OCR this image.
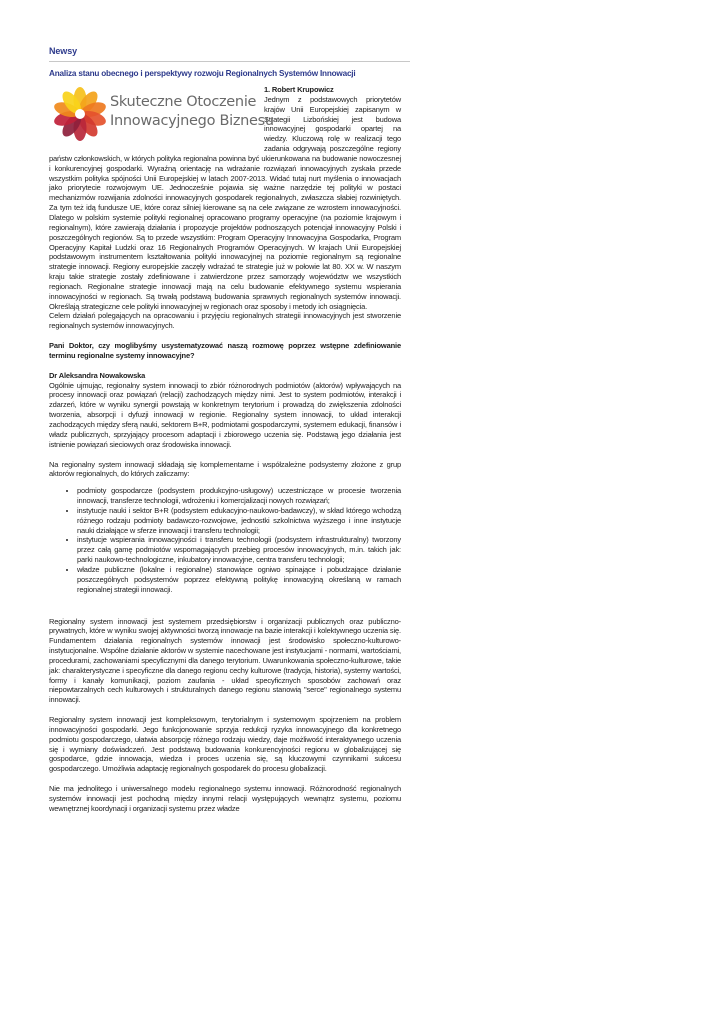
Newsy
Analiza stanu obecnego i perspektywy rozwoju Regionalnych Systemów Innowacji
Skuteczne Otoczenie
Innowacyjnego Biznesu

1. Robert Krupowicz

Jednym z podstawowych priorytetów krajów Unii Europejskiej zapisanym w Strategii Lizbońskiej jest budowa innowacyjnej gospodarki opartej na wiedzy. Kluczową rolę w realizacji tego zadania odgrywają poszczególne regiony państw członkowskich, w których polityka regionalna powinna być ukierunkowana na budowanie nowoczesnej i konkurencyjnej gospodarki. Wyraźną orientację na wdrażanie rozwiązań innowacyjnych zyskała przede wszystkim polityka spójności Unii Europejskiej w latach 2007-2013. Widać tutaj nurt myślenia o innowacjach jako priorytecie rozwojowym UE. Jednocześnie pojawia się ważne narzędzie tej polityki w postaci mechanizmów rozwijania zdolności innowacyjnych gospodarek regionalnych, zwłaszcza słabiej rozwiniętych. Za tym też idą fundusze UE, które coraz silniej kierowane są na cele związane ze wzrostem innowacyjności. Dlatego w polskim systemie polityki regionalnej opracowano programy operacyjne (na poziomie krajowym i regionalnym), które zawierają działania i propozycje projektów podnoszących potencjał innowacyjny Polski i poszczególnych regionów. Są to przede wszystkim: Program Operacyjny Innowacyjna Gospodarka, Program Operacyjny Kapitał Ludzki oraz 16 Regionalnych Programów Operacyjnych. W krajach Unii Europejskiej podstawowym instrumentem kształtowania polityki innowacyjnej na poziomie regionalnym są regionalne strategie innowacji. Regiony europejskie zaczęły wdrażać te strategie już w połowie lat 80. XX w. W naszym kraju takie strategie zostały zdefiniowane i zatwierdzone przez samorządy województw we wszystkich regionach. Regionalne strategie innowacji mają na celu budowanie efektywnego systemu wspierania innowacyjności w regionach. Są trwałą podstawą budowania sprawnych regionalnych systemów innowacji. Określają strategiczne cele polityki innowacyjnej w regionach oraz sposoby i metody ich osiągnięcia.

Celem działań polegających na opracowaniu i przyjęciu regionalnych strategii innowacyjnych jest stworzenie regionalnych systemów innowacyjnych.

Pani Doktor, czy moglibyśmy usystematyzować naszą rozmowę poprzez wstępne zdefiniowanie terminu regionalne systemy innowacyjne?

Dr Aleksandra Nowakowska

Ogólnie ujmując, regionalny system innowacji to zbiór różnorodnych podmiotów (aktorów) wpływających na procesy innowacji oraz powiązań (relacji) zachodzących między nimi. Jest to system podmiotów, interakcji i zdarzeń, które w wyniku synergii powstają w konkretnym terytorium i prowadzą do zwiększenia zdolności tworzenia, absorpcji i dyfuzji innowacji w regionie. Regionalny system innowacji, to układ interakcji zachodzących między sferą nauki, sektorem B+R, podmiotami gospodarczymi, systemem edukacji, finansów i władz publicznych, sprzyjający procesom adaptacji i zbiorowego uczenia się. Podstawą jego działania jest istnienie powiązań sieciowych oraz środowiska innowacji.

Na regionalny system innowacji składają się komplementarne i współzależne podsystemy złożone z grup aktorów regionalnych, do których zaliczamy:

• podmioty gospodarcze (podsystem produkcyjno-usługowy) uczestniczące w procesie tworzenia innowacji, transferze technologii, wdrożeniu i komercjalizacji nowych rozwiązań;
• instytucje nauki i sektor B+R (podsystem edukacyjno-naukowo-badawczy), w skład którego wchodzą różnego rodzaju podmioty badawczo-rozwojowe, jednostki szkolnictwa wyższego i inne instytucje nauki działające w sferze innowacji i transferu technologii;
• instytucje wspierania innowacyjności i transferu technologii (podsystem infrastrukturalny) tworzony przez całą gamę podmiotów wspomagających przebieg procesów innowacyjnych, m.in. takich jak: parki naukowo-technologiczne, inkubatory innowacyjne, centra transferu technologii;
• władze publiczne (lokalne i regionalne) stanowiące ogniwo spinające i pobudzające działanie poszczególnych podsystemów poprzez efektywną politykę innowacyjną określaną w ramach regionalnej strategii innowacji.

Regionalny system innowacji jest systemem przedsiębiorstw i organizacji publicznych oraz publiczno-prywatnych, które w wyniku swojej aktywności tworzą innowacje na bazie interakcji i kolektywnego uczenia się. Fundamentem działania regionalnych systemów innowacji jest środowisko społeczno-kulturowo-instytucjonalne. Wspólne działanie aktorów w systemie nacechowane jest instytucjami - normami, wartościami, procedurami, zachowaniami specyficznymi dla danego terytorium. Uwarunkowania społeczno-kulturowe, takie jak: charakterystyczne i specyficzne dla danego regionu cechy kulturowe (tradycja, historia), systemy wartości, formy i kanały komunikacji, poziom zaufania - układ specyficznych sposobów zachowań oraz niepowtarzalnych cech kulturowych i strukturalnych danego regionu stanowią "serce" regionalnego systemu innowacji.

Regionalny system innowacji jest kompleksowym, terytorialnym i systemowym spojrzeniem na problem innowacyjności gospodarki. Jego funkcjonowanie sprzyja redukcji ryzyka innowacyjnego dla konkretnego podmiotu gospodarczego, ułatwia absorpcję różnego rodzaju wiedzy, daje możliwość interaktywnego uczenia się i wymiany doświadczeń. Jest podstawą budowania konkurencyjności regionu w globalizującej się gospodarce, gdzie innowacja, wiedza i proces uczenia się, są kluczowymi czynnikami sukcesu gospodarczego. Umożliwia adaptację regionalnych gospodarek do procesu globalizacji.

Nie ma jednolitego i uniwersalnego modelu regionalnego systemu innowacji. Różnorodność regionalnych systemów innowacji jest pochodną między innymi relacji występujących wewnątrz systemu, poziomu wewnętrznej koordynacji i organizacji systemu przez władze
